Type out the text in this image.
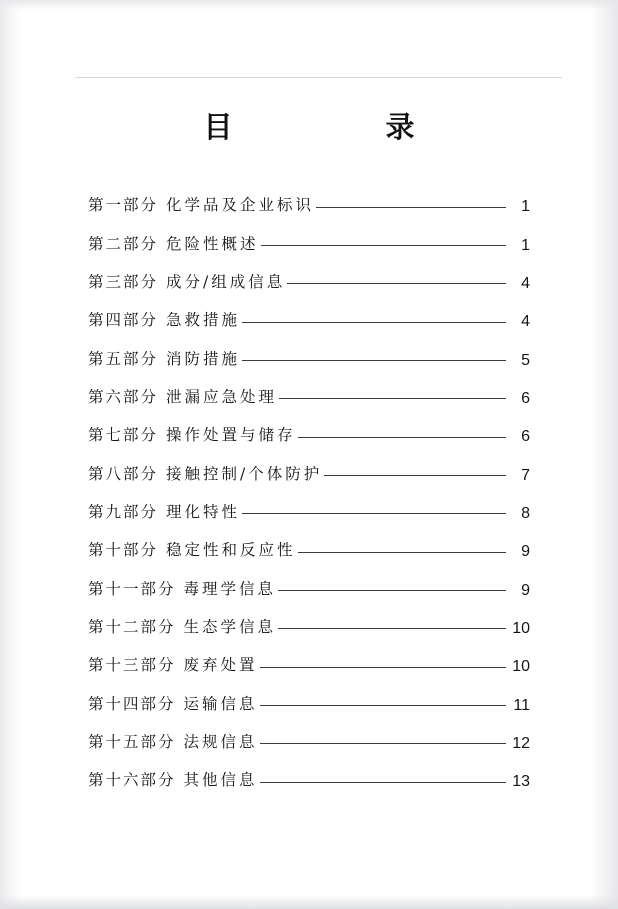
目　录
第一部分 化学品及企业标识	1
第二部分 危险性概述	1
第三部分 成分/组成信息	4
第四部分 急救措施	4
第五部分 消防措施	5
第六部分 泄漏应急处理	6
第七部分 操作处置与储存	6
第八部分 接触控制/个体防护	7
第九部分 理化特性	8
第十部分 稳定性和反应性	9
第十一部分 毒理学信息	9
第十二部分 生态学信息	10
第十三部分 废弃处置	10
第十四部分 运输信息	11
第十五部分 法规信息	12
第十六部分 其他信息	13
